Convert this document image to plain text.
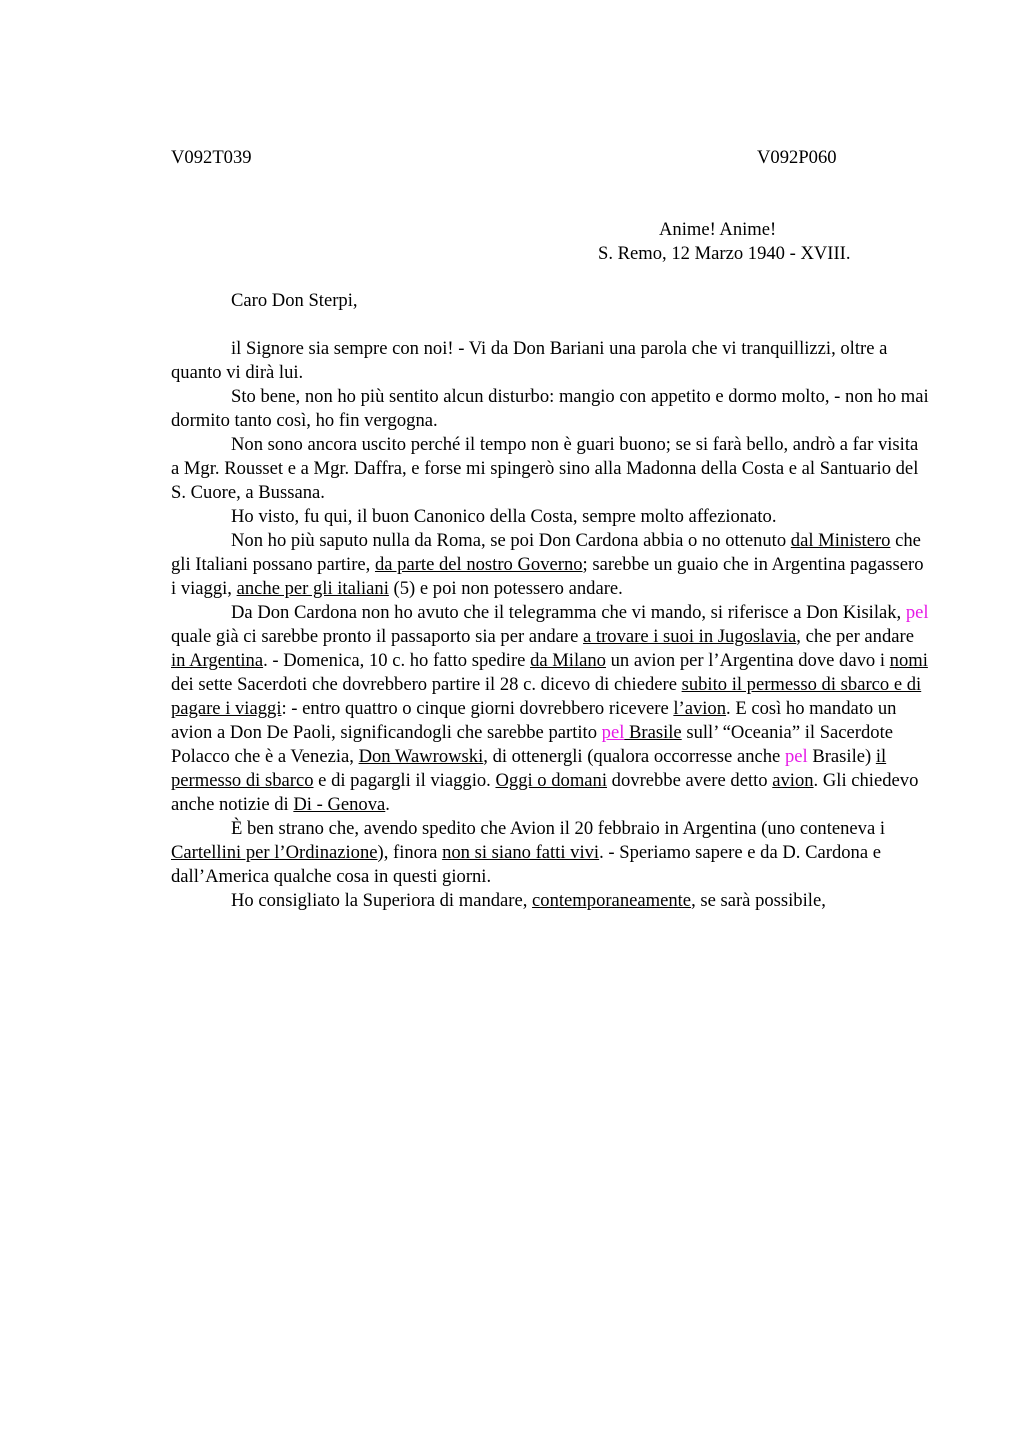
V092T039	V092P060
Anime! Anime!
S. Remo, 12 Marzo 1940 - XVIII.
Caro Don Sterpi,

il Signore sia sempre con noi! - Vi da Don Bariani una parola che vi tranquillizzi, oltre a quanto vi dirà lui.

Sto bene, non ho più sentito alcun disturbo: mangio con appetito e dormo molto, - non ho mai dormito tanto così, ho fin vergogna.

Non sono ancora uscito perché il tempo non è guari buono; se si farà bello, andrò a far visita a Mgr. Rousset e a Mgr. Daffra, e forse mi spingerò sino alla Madonna della Costa e al Santuario del S. Cuore, a Bussana.

Ho visto, fu qui, il buon Canonico della Costa, sempre molto affezionato.

Non ho più saputo nulla da Roma, se poi Don Cardona abbia o no ottenuto dal Ministero che gli Italiani possano partire, da parte del nostro Governo; sarebbe un guaio che in Argentina pagassero i viaggi, anche per gli italiani (5) e poi non potessero andare.

Da Don Cardona non ho avuto che il telegramma che vi mando, si riferisce a Don Kisilak, pel quale già ci sarebbe pronto il passaporto sia per andare a trovare i suoi in Jugoslavia, che per andare in Argentina. - Domenica, 10 c. ho fatto spedire da Milano un avion per l’Argentina dove davo i nomi dei sette Sacerdoti che dovrebbero partire il 28 c. dicevo di chiedere subito il permesso di sbarco e di pagare i viaggi: - entro quattro o cinque giorni dovrebbero ricevere l’avion. E così ho mandato un avion a Don De Paoli, significandogli che sarebbe partito pel Brasile sull’ “Oceania” il Sacerdote Polacco che è a Venezia, Don Wawrowski, di ottenergli (qualora occorresse anche pel Brasile) il permesso di sbarco e di pagargli il viaggio. Oggi o domani dovrebbe avere detto avion. Gli chiedevo anche notizie di Di - Genova.

È ben strano che, avendo spedito che Avion il 20 febbraio in Argentina (uno conteneva i Cartellini per l’Ordinazione), finora non si siano fatti vivi. - Speriamo sapere e da D. Cardona e dall’America qualche cosa in questi giorni.

Ho consigliato la Superiora di mandare, contemporaneamente, se sarà possibile,
